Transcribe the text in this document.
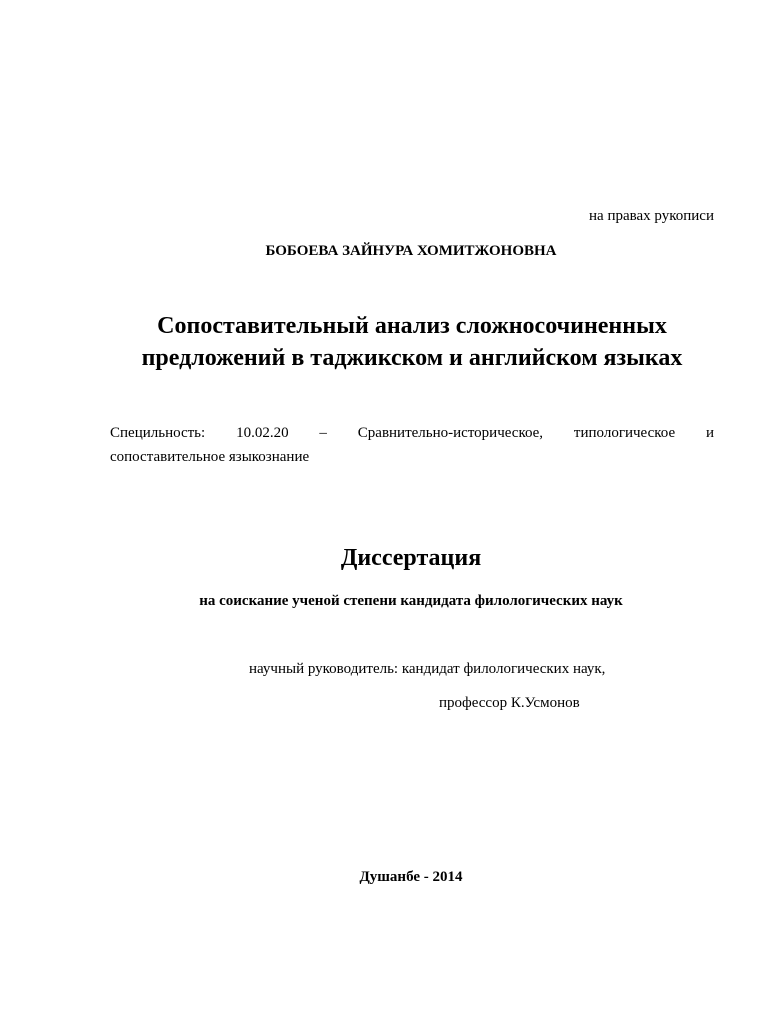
на правах рукописи
БОБОЕВА ЗАЙНУРА ХОМИТЖОНОВНА
Сопоставительный анализ сложносочиненных
предложений в таджикском и английском языках
Специльность: 10.02.20 – Сравнительно-историческое, типологическое и
сопоставительное языкознание
Диссертация
на соискание ученой степени кандидата филологических наук
научный руководитель: кандидат филологических наук,
профессор К.Усмонов
Душанбе - 2014
